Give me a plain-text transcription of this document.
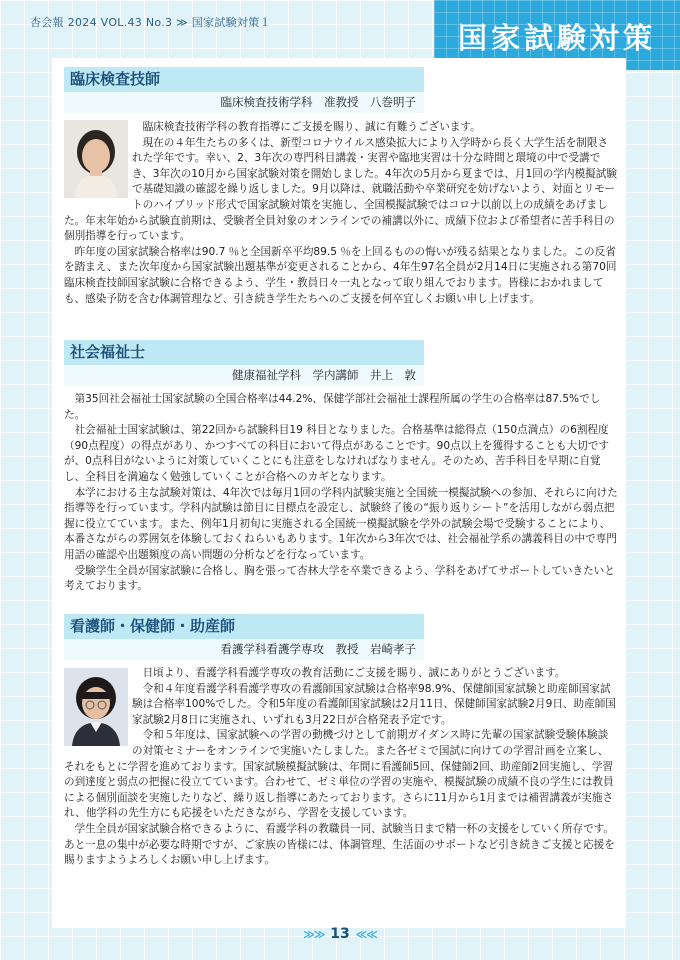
杏会報 2024 VOL.43 No.3 ≫ 国家試験対策１	国家試験対策
臨床検査技師
臨床検査技術学科　准教授　八巻明子

臨床検査技術学科の教育指導にご支援を賜り、誠に有難うございます。

現在の４年生たちの多くは、新型コロナウイルス感染拡大により入学時から長く大学生活を制限された学年です。幸い、2、3年次の専門科目講義・実習や臨地実習は十分な時間と環境の中で受講でき、3年次の10月から国家試験対策を開始しました。4年次の5月から夏までは、月1回の学内模擬試験で基礎知識の確認を繰り返しました。9月以降は、就職活動や卒業研究を妨げないよう、対面とリモートのハイブリッド形式で国家試験対策を実施し、全国模擬試験ではコロナ以前以上の成績をあげました。年末年始から試験直前期は、受験者全員対象のオンラインでの補講以外に、成績下位および希望者に苦手科目の個別指導を行っています。

昨年度の国家試験合格率は90.7 ％と全国新卒平均89.5 ％を上回るものの悔いが残る結果となりました。この反省を踏まえ、また次年度から国家試験出題基準が変更されることから、4年生97名全員が2月14日に実施される第70回臨床検査技師国家試験に合格できるよう、学生・教員日々一丸となって取り組んでおります。皆様におかれましても、感染予防を含む体調管理など、引き続き学生たちへのご支援を何卒宜しくお願い申し上げます。

社会福祉士
健康福祉学科　学内講師　井上　敦

第35回社会福祉士国家試験の全国合格率は44.2%、保健学部社会福祉士課程所属の学生の合格率は87.5%でした。

社会福祉士国家試験は、第22回から試験科目19 科目となりました。合格基準は総得点（150点満点）の6割程度（90点程度）の得点があり、かつすべての科目において得点があることです。90点以上を獲得することも大切ですが、0点科目がないように対策していくことにも注意をしなければなりません。そのため、苦手科目を早期に自覚し、全科目を満遍なく勉強していくことが合格へのカギとなります。

本学における主な試験対策は、4年次では毎月1回の学科内試験実施と全国統一模擬試験への参加、それらに向けた指導等を行っています。学科内試験は節目に目標点を設定し、試験終了後の“振り返りシート”を活用しながら弱点把握に役立てています。また、例年1月初旬に実施される全国統一模擬試験を学外の試験会場で受験することにより、本番さながらの雰囲気を体験しておくねらいもあります。1年次から3年次では、社会福祉学系の講義科目の中で専門用語の確認や出題頻度の高い問題の分析などを行なっています。

受験学生全員が国家試験に合格し、胸を張って杏林大学を卒業できるよう、学科をあげてサポートしていきたいと考えております。

看護師・保健師・助産師
看護学科看護学専攻　教授　岩崎孝子

日頃より、看護学科看護学専攻の教育活動にご支援を賜り、誠にありがとうございます。

令和４年度看護学科看護学専攻の看護師国家試験は合格率98.9%、保健師国家試験と助産師国家試験は合格率100%でした。令和5年度の看護師国家試験は2月11日、保健師国家試験2月9日、助産師国家試験2月8日に実施され、いずれも3月22日が合格発表予定です。

令和５年度は、国家試験への学習の動機づけとして前期ガイダンス時に先輩の国家試験受験体験談の対策セミナーをオンラインで実施いたしました。また各ゼミで国試に向けての学習計画を立案し、それをもとに学習を進めております。国家試験模擬試験は、年間に看護師5回、保健師2回、助産師2回実施し、学習の到達度と弱点の把握に役立てています。合わせて、ゼミ単位の学習の実施や、模擬試験の成績不良の学生には教員による個別面談を実施したりなど、繰り返し指導にあたっております。さらに11月から1月までは補習講義が実施され、他学科の先生方にも応援をいただきながら、学習を支援しています。

学生全員が国家試験合格できるように、看護学科の教職員一同、試験当日まで精一杯の支援をしていく所存です。あと一息の集中が必要な時期ですが、ご家族の皆様には、体調管理、生活面のサポートなど引き続きご支援と応援を賜りますようよろしくお願い申し上げます。

≫≫ 13 ≪≪
